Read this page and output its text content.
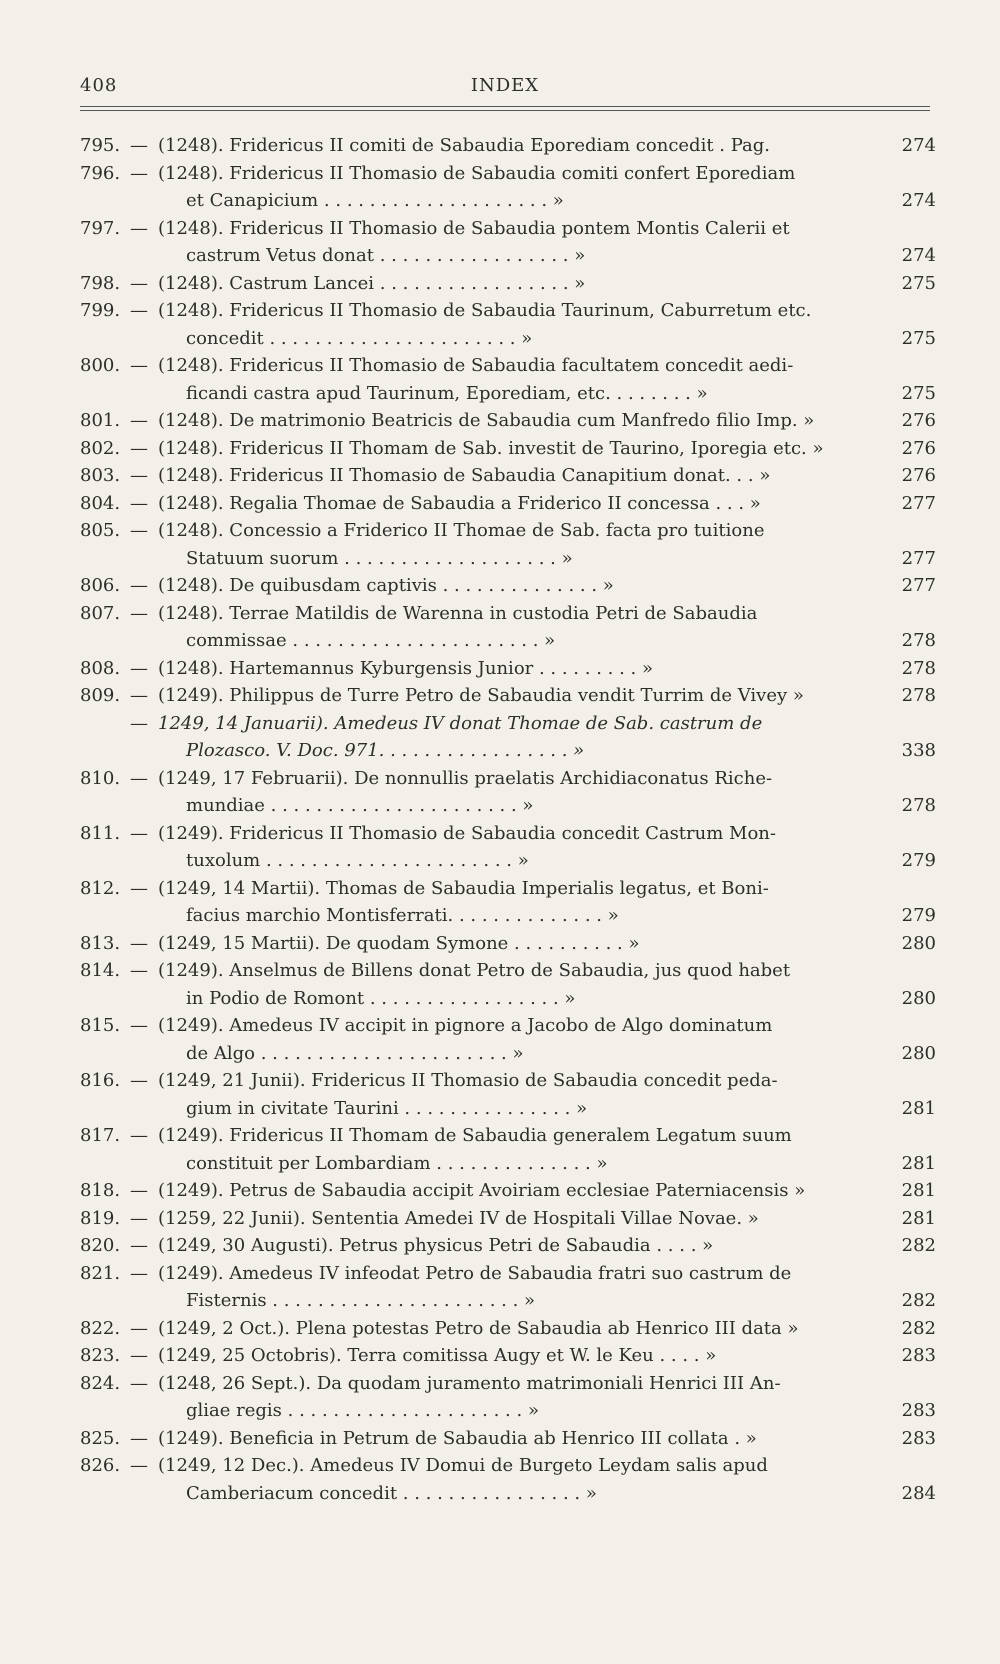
408	INDEX
795. — (1248). Fridericus II comiti de Sabaudia Eporediam concedit . Pag.	274
796. — (1248). Fridericus II Thomasio de Sabaudia comiti confert Eporediam
et Canapicium . . . . . . . . . . . . . . . . . . . . »	274
797. — (1248). Fridericus II Thomasio de Sabaudia pontem Montis Calerii et
castrum Vetus donat . . . . . . . . . . . . . . . . . »	274
798. — (1248). Castrum Lancei . . . . . . . . . . . . . . . . . »	275
799. — (1248). Fridericus II Thomasio de Sabaudia Taurinum, Caburretum etc.
concedit . . . . . . . . . . . . . . . . . . . . . . »	275
800. — (1248). Fridericus II Thomasio de Sabaudia facultatem concedit aedi-
ficandi castra apud Taurinum, Eporediam, etc. . . . . . . . »	275
801. — (1248). De matrimonio Beatricis de Sabaudia cum Manfredo filio Imp. »	276
802. — (1248). Fridericus II Thomam de Sab. investit de Taurino, Iporegia etc. »	276
803. — (1248). Fridericus II Thomasio de Sabaudia Canapitium donat. . . »	276
804. — (1248). Regalia Thomae de Sabaudia a Friderico II concessa . . . »	277
805. — (1248). Concessio a Friderico II Thomae de Sab. facta pro tuitione
Statuum suorum . . . . . . . . . . . . . . . . . . . »	277
806. — (1248). De quibusdam captivis . . . . . . . . . . . . . . »	277
807. — (1248). Terrae Matildis de Warenna in custodia Petri de Sabaudia
commissae . . . . . . . . . . . . . . . . . . . . . . »	278
808. — (1248). Hartemannus Kyburgensis Junior . . . . . . . . . »	278
809. — (1249). Philippus de Turre Petro de Sabaudia vendit Turrim de Vivey »	278
— 1249, 14 Januarii). Amedeus IV donat Thomae de Sab. castrum de
Plozasco. V. Doc. 971. . . . . . . . . . . . . . . . . »	338
810. — (1249, 17 Februarii). De nonnullis praelatis Archidiaconatus Riche-
mundiae . . . . . . . . . . . . . . . . . . . . . . »	278
811. — (1249). Fridericus II Thomasio de Sabaudia concedit Castrum Mon-
tuxolum . . . . . . . . . . . . . . . . . . . . . . »	279
812. — (1249, 14 Martii). Thomas de Sabaudia Imperialis legatus, et Boni-
facius marchio Montisferrati. . . . . . . . . . . . . . »	279
813. — (1249, 15 Martii). De quodam Symone . . . . . . . . . . »	280
814. — (1249). Anselmus de Billens donat Petro de Sabaudia, jus quod habet
in Podio de Romont . . . . . . . . . . . . . . . . . »	280
815. — (1249). Amedeus IV accipit in pignore a Jacobo de Algo dominatum
de Algo . . . . . . . . . . . . . . . . . . . . . . »	280
816. — (1249, 21 Junii). Fridericus II Thomasio de Sabaudia concedit peda-
gium in civitate Taurini . . . . . . . . . . . . . . . »	281
817. — (1249). Fridericus II Thomam de Sabaudia generalem Legatum suum
constituit per Lombardiam . . . . . . . . . . . . . . »	281
818. — (1249). Petrus de Sabaudia accipit Avoiriam ecclesiae Paterniacensis »	281
819. — (1259, 22 Junii). Sententia Amedei IV de Hospitali Villae Novae. »	281
820. — (1249, 30 Augusti). Petrus physicus Petri de Sabaudia . . . . »	282
821. — (1249). Amedeus IV infeodat Petro de Sabaudia fratri suo castrum de
Fisternis . . . . . . . . . . . . . . . . . . . . . . »	282
822. — (1249, 2 Oct.). Plena potestas Petro de Sabaudia ab Henrico III data »	282
823. — (1249, 25 Octobris). Terra comitissa Augy et W. le Keu . . . . »	283
824. — (1248, 26 Sept.). Da quodam juramento matrimoniali Henrici III An-
gliae regis . . . . . . . . . . . . . . . . . . . . . »	283
825. — (1249). Beneficia in Petrum de Sabaudia ab Henrico III collata . »	283
826. — (1249, 12 Dec.). Amedeus IV Domui de Burgeto Leydam salis apud
Camberiacum concedit . . . . . . . . . . . . . . . . »	284
